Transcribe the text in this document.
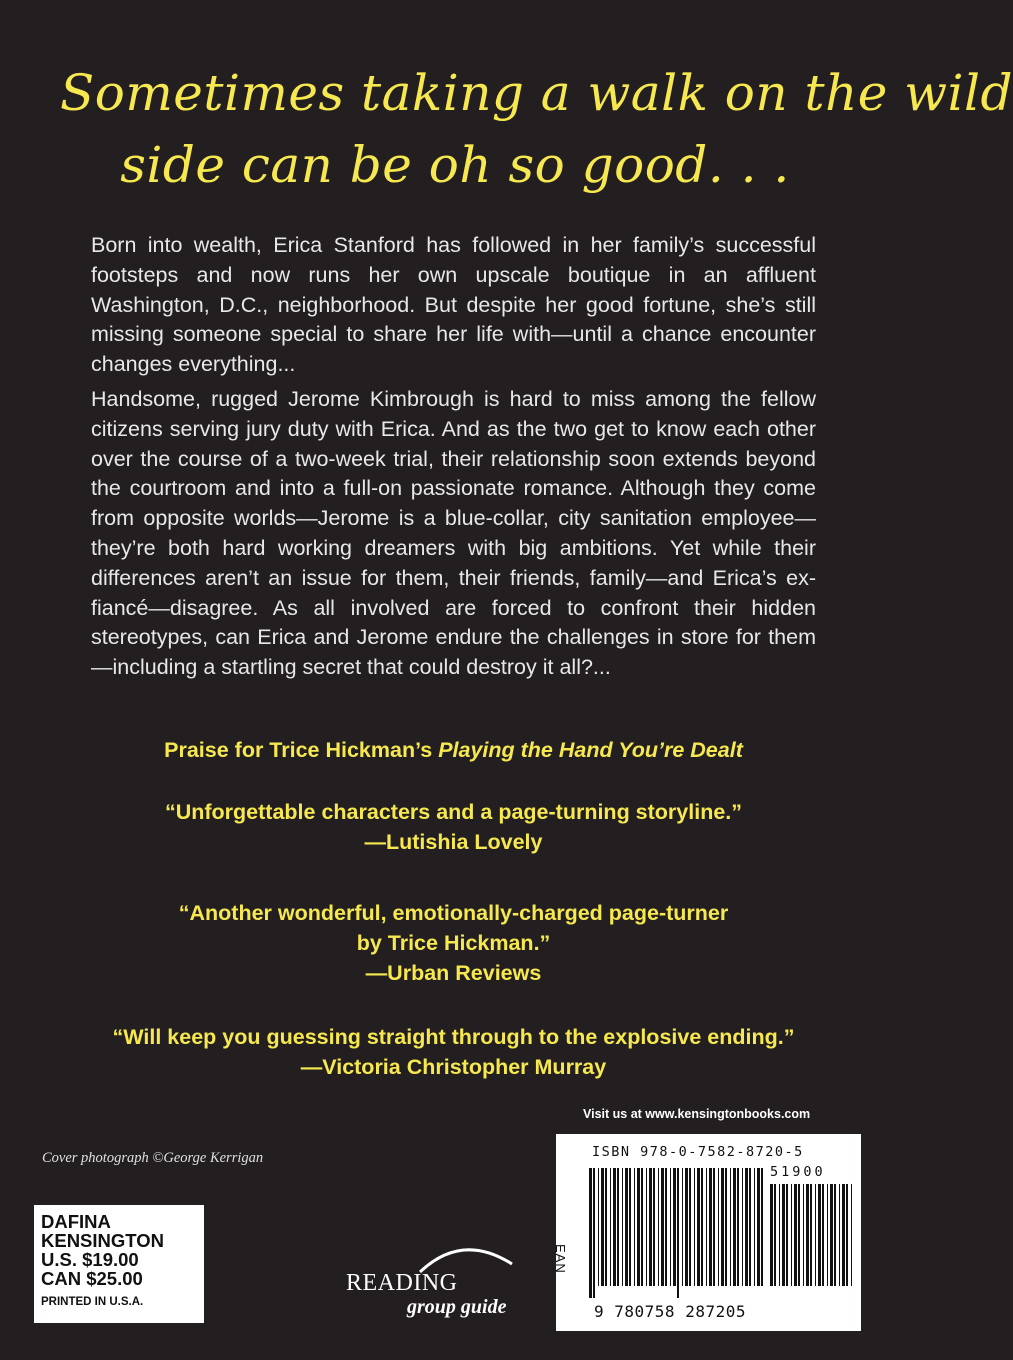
Sometimes taking a walk on the wild
side can be oh so good. . .

Born into wealth, Erica Stanford has followed in her family’s successful footsteps and now runs her own upscale boutique in an affluent Washington, D.C., neighborhood. But despite her good fortune, she’s still missing someone special to share her life with—until a chance encounter changes everything...

Handsome, rugged Jerome Kimbrough is hard to miss among the fellow citizens serving jury duty with Erica. And as the two get to know each other over the course of a two-week trial, their relationship soon extends beyond the courtroom and into a full-on passionate romance. Although they come from opposite worlds—Jerome is a blue-collar, city sanitation employee—they’re both hard working dreamers with big ambitions. Yet while their differences aren’t an issue for them, their friends, family—and Erica’s ex-fiancé—disagree. As all involved are forced to confront their hidden stereotypes, can Erica and Jerome endure the challenges in store for them—including a startling secret that could destroy it all?...

Praise for Trice Hickman’s Playing the Hand You’re Dealt
“Unforgettable characters and a page-turning storyline.”
—Lutishia Lovely
“Another wonderful, emotionally-charged page-turner
by Trice Hickman.”
—Urban Reviews
“Will keep you guessing straight through to the explosive ending.”
—Victoria Christopher Murray
Visit us at www.kensingtonbooks.com
Cover photograph ©George Kerrigan
DAFINA
KENSINGTON
U.S. $19.00
CAN $25.00
PRINTED IN U.S.A.
ISBN 978-0-7582-8720-5
51900
EAN
9 780758 287205
READING
group guide
